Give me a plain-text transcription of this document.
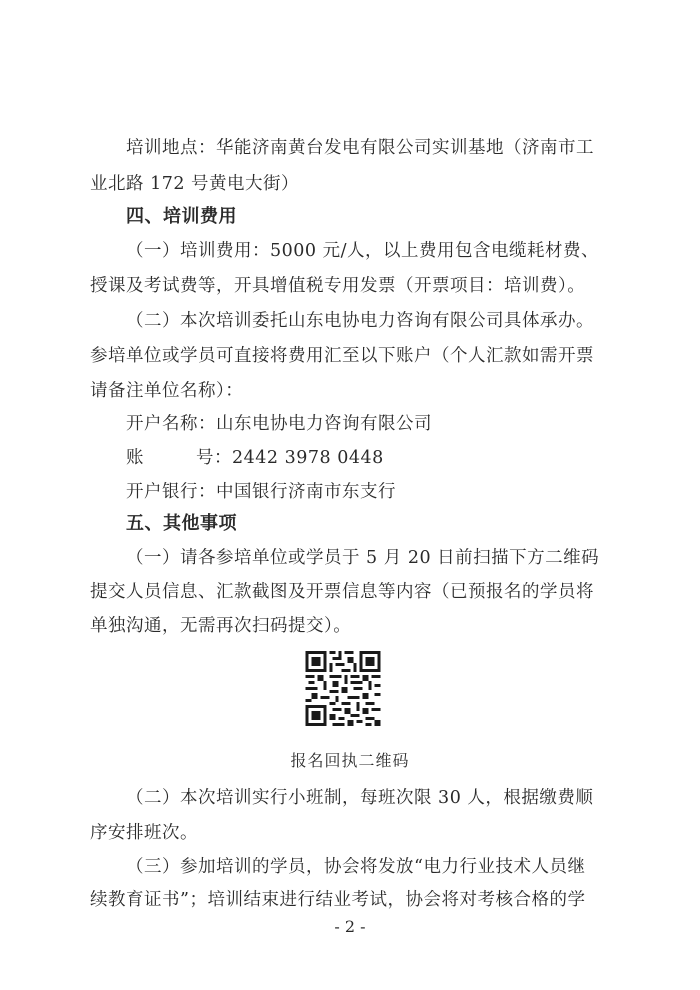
培训地点：华能济南黄台发电有限公司实训基地（济南市工
业北路 172 号黄电大街）
四、培训费用
（一）培训费用：5000 元/人，以上费用包含电缆耗材费、
授课及考试费等，开具增值税专用发票（开票项目：培训费）。
（二）本次培训委托山东电协电力咨询有限公司具体承办。
参培单位或学员可直接将费用汇至以下账户（个人汇款如需开票
请备注单位名称）：
开户名称：山东电协电力咨询有限公司
账	号：2442 3978 0448
开户银行：中国银行济南市东支行
五、其他事项
（一）请各参培单位或学员于 5 月 20 日前扫描下方二维码
提交人员信息、汇款截图及开票信息等内容（已预报名的学员将
单独沟通，无需再次扫码提交）。
报名回执二维码
（二）本次培训实行小班制，每班次限 30 人，根据缴费顺
序安排班次。
（三）参加培训的学员，协会将发放“电力行业技术人员继
续教育证书”；培训结束进行结业考试，协会将对考核合格的学
- 2 -
